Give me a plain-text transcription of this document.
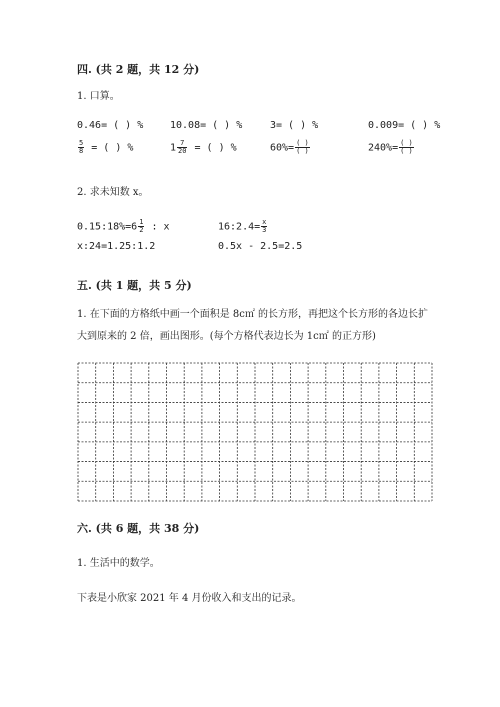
四. (共 2 题，共 12 分)
1. 口算。
0.46= ( ) %	10.08= ( ) %	3= ( ) %	0.009= ( ) %
$\frac{5}{8}$ = ( ) %	$1 \frac{7}{20}$ = ( ) %	$60\%= \frac{( )}{( )}$	$240\%= \frac{( )}{( )}$
2. 求未知数 x。
0.15:18%=6 $\frac{1}{2}$ : x	16:2.4= $\frac{x}{3}$
x:24=1.25:1.2	0.5x - 2.5=2.5
五. (共 1 题，共 5 分)
1. 在下面的方格纸中画一个面积是 8c㎡ 的长方形，再把这个长方形的各边长扩
大到原来的 2 倍，画出图形。(每个方格代表边长为 1c㎡ 的正方形)
六. (共 6 题，共 38 分)
1. 生活中的数学。
下表是小欣家 2021 年 4 月份收入和支出的记录。
